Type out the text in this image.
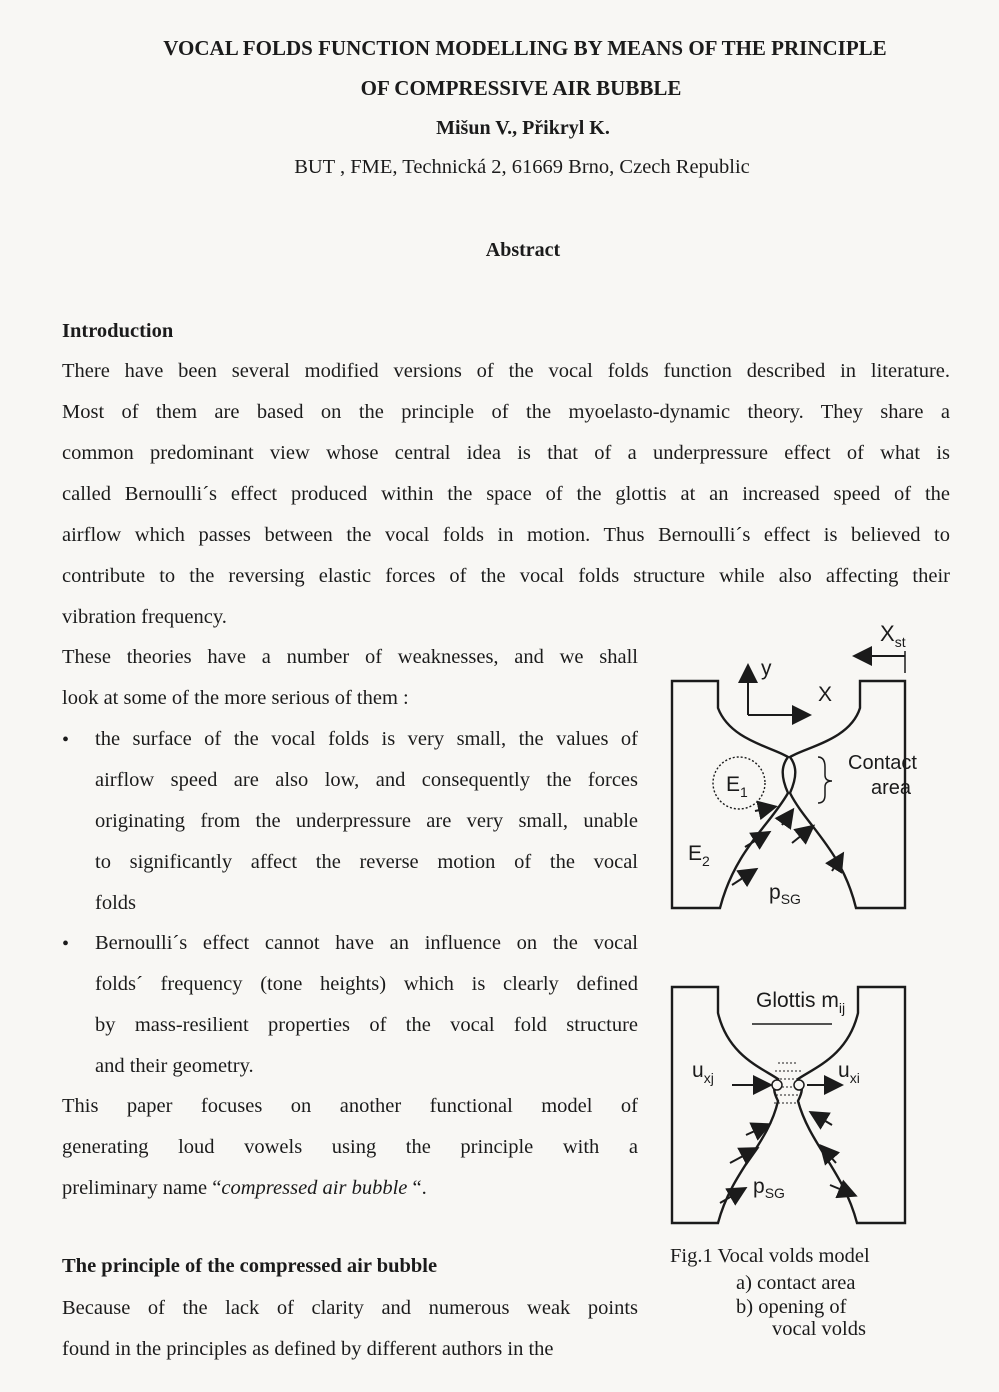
VOCAL FOLDS FUNCTION MODELLING BY MEANS OF THE PRINCIPLE
OF COMPRESSIVE AIR BUBBLE
Mišun V., Přikryl K.
BUT , FME, Technická 2, 61669 Brno, Czech Republic
Abstract
Introduction
There have been several modified versions of the vocal folds function described in literature.
Most of them are based on the principle of the myoelasto-dynamic theory. They share a
common predominant view whose central idea is that of a underpressure effect of what is
called Bernoulli´s effect produced within the space of the glottis at an increased speed of the
airflow which passes between the vocal folds in motion. Thus Bernoulli´s effect is believed to
contribute to the reversing elastic forces of the vocal folds structure while also affecting their
vibration frequency.
These theories have a number of weaknesses, and we shall
look at some of the more serious of them :
• the surface of the vocal folds is very small, the values of
airflow speed are also low, and consequently the forces
originating from the underpressure are very small, unable
to significantly affect the reverse motion of the vocal
folds
• Bernoulli´s effect cannot have an influence on the vocal
folds´ frequency (tone heights) which is clearly defined
by mass-resilient properties of the vocal fold structure
and their geometry.
This paper focuses on another functional model of
generating loud vowels using the principle with a
preliminary name “compressed air bubble “.
The principle of the compressed air bubble
Because of the lack of clarity and numerous weak points
found in the principles as defined by different authors in the
$X_{st}$
y
X
Contact
area
$E_1$
$E_2$
$p_{SG}$
Glottis $m_{ij}$
$u_{xj}$	$u_{xi}$
$p_{SG}$
Fig.1 Vocal volds model
a) contact area
b) opening of
vocal volds
